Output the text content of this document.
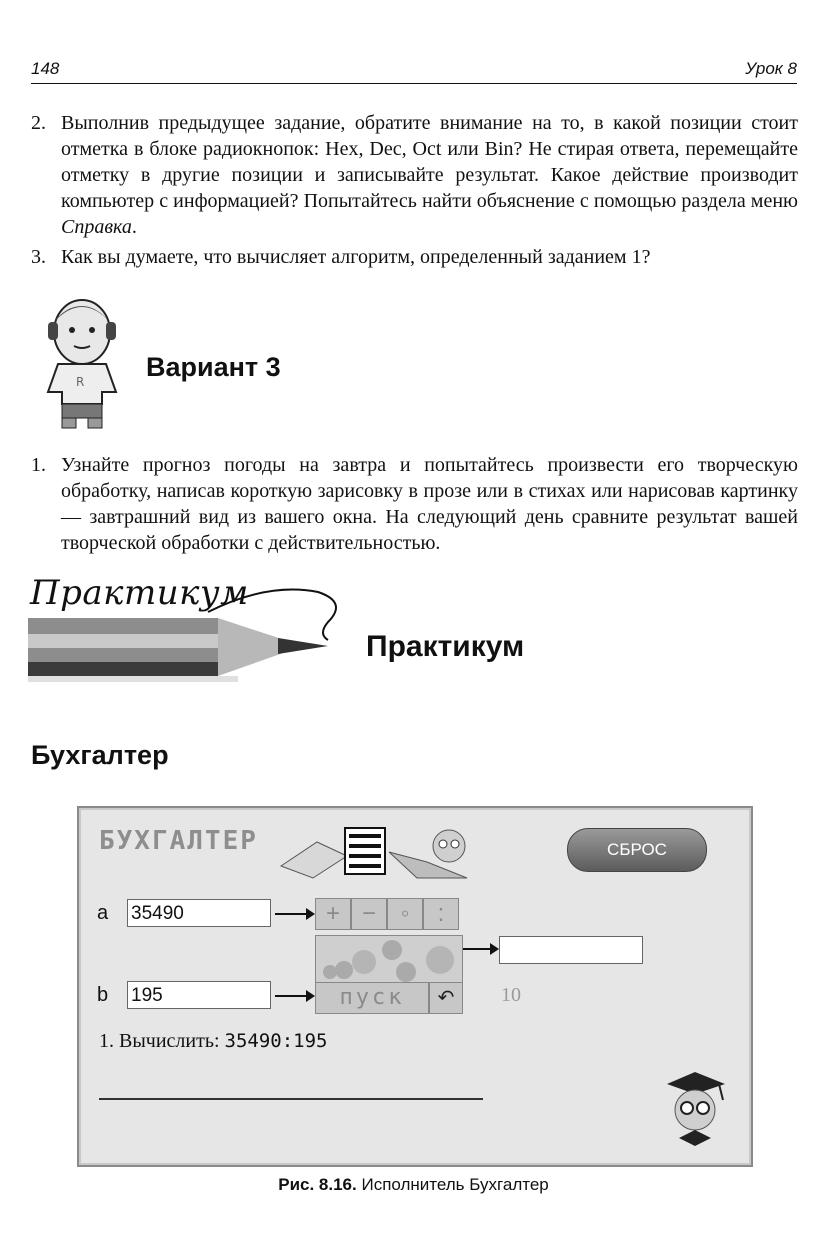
148	Урок 8
2. Выполнив предыдущее задание, обратите внимание на то, в какой позиции стоит отметка в блоке радиокнопок: Hex, Dec, Oct или Bin? Не стирая ответа, перемещайте отметку в другие позиции и записывайте результат. Какое действие производит компьютер с информацией? Попытайтесь найти объяснение с помощью раздела меню Справка.
3. Как вы думаете, что вычисляет алгоритм, определенный заданием 1?
R Вариант 3
1. Узнайте прогноз погоды на завтра и попытайтесь произвести его творческую обработку, написав короткую зарисовку в прозе или в стихах или нарисовав картинку — завтрашний вид из вашего окна. На следующий день сравните результат вашей творческой обработки с действительностью.
Практикум
Практикум
Бухгалтер
БУХГАЛТЕР	СБРОС
a 35490	+ −	◦	:
b 195	пуск	↶	10
1. Вычислить: 35490:195
Рис. 8.16. Исполнитель Бухгалтер
